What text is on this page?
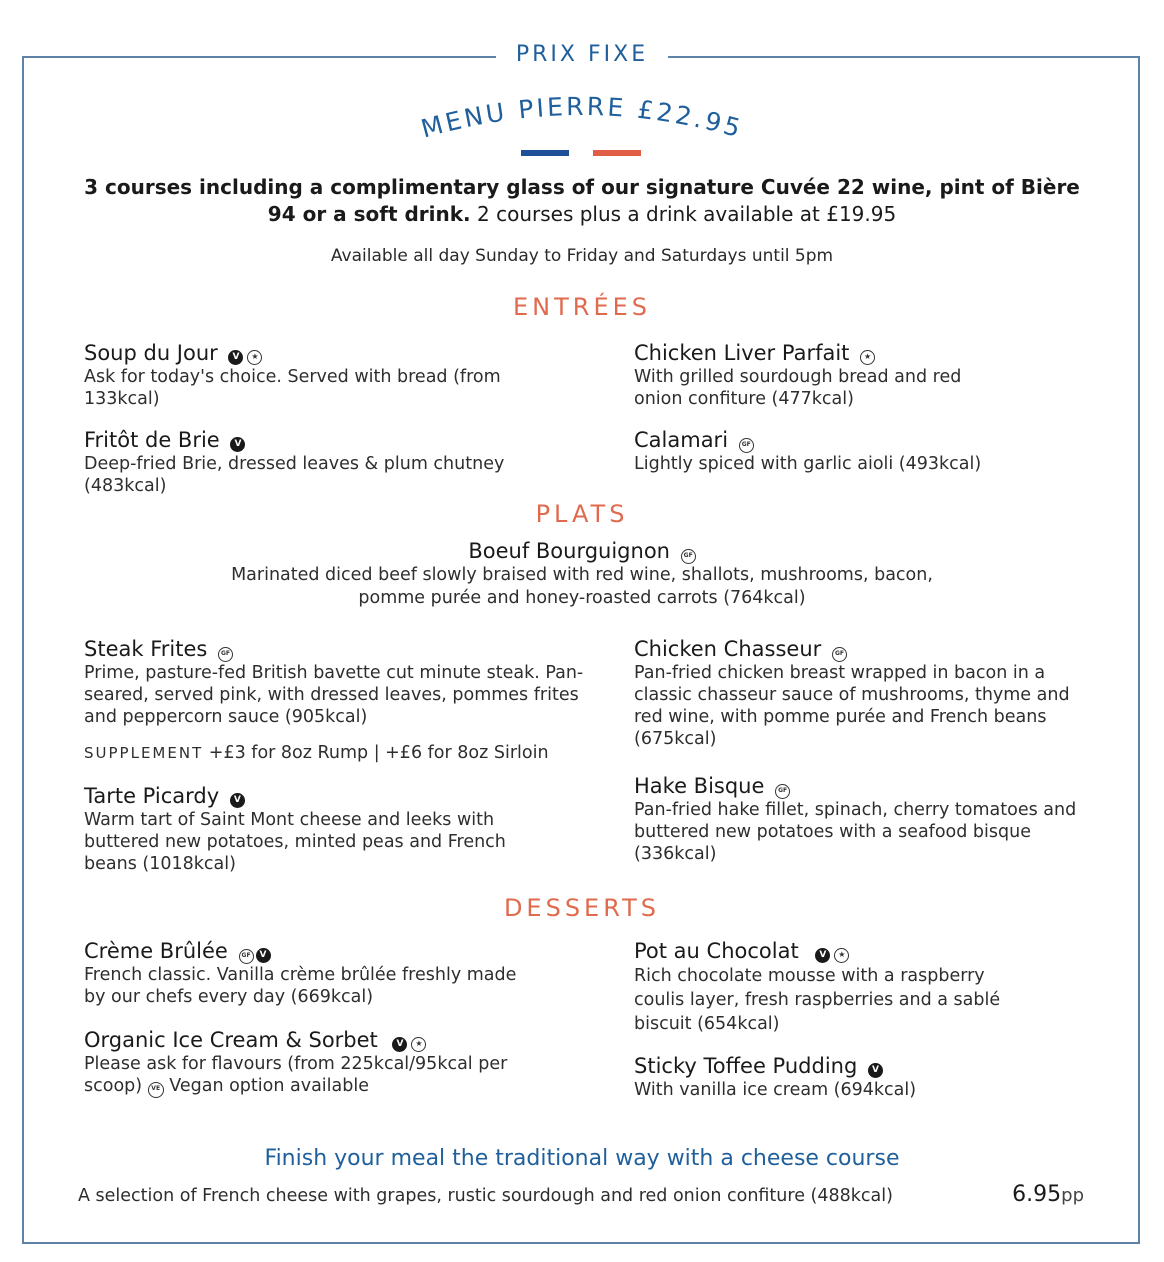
PRIX FIXE
MENU PIERRE £22.95
3 courses including a complimentary glass of our signature Cuvée 22 wine, pint of Bière 94 or a soft drink. 2 courses plus a drink available at £19.95
Available all day Sunday to Friday and Saturdays until 5pm
ENTRÉES
Soup du Jour V ★
Ask for today's choice. Served with bread (from 133kcal)
Chicken Liver Parfait ★
With grilled sourdough bread and red onion confiture (477kcal)
Fritôt de Brie V
Deep-fried Brie, dressed leaves & plum chutney (483kcal)
Calamari GF
Lightly spiced with garlic aioli (493kcal)
PLATS
Boeuf Bourguignon GF
Marinated diced beef slowly braised with red wine, shallots, mushrooms, bacon, pomme purée and honey-roasted carrots (764kcal)
Steak Frites GF
Prime, pasture-fed British bavette cut minute steak. Pan-seared, served pink, with dressed leaves, pommes frites and peppercorn sauce (905kcal)
SUPPLEMENT +£3 for 8oz Rump | +£6 for 8oz Sirloin
Tarte Picardy V
Warm tart of Saint Mont cheese and leeks with buttered new potatoes, minted peas and French beans (1018kcal)
Chicken Chasseur GF
Pan-fried chicken breast wrapped in bacon in a classic chasseur sauce of mushrooms, thyme and red wine, with pomme purée and French beans (675kcal)
Hake Bisque GF
Pan-fried hake fillet, spinach, cherry tomatoes and buttered new potatoes with a seafood bisque (336kcal)
DESSERTS
Crème Brûlée GF V
French classic. Vanilla crème brûlée freshly made by our chefs every day (669kcal)
Pot au Chocolat V ★
Rich chocolate mousse with a raspberry coulis layer, fresh raspberries and a sablé biscuit (654kcal)
Organic Ice Cream & Sorbet V ★
Please ask for flavours (from 225kcal/95kcal per scoop) VE Vegan option available
Sticky Toffee Pudding V
With vanilla ice cream (694kcal)
Finish your meal the traditional way with a cheese course
A selection of French cheese with grapes, rustic sourdough and red onion confiture (488kcal)	6.95pp
